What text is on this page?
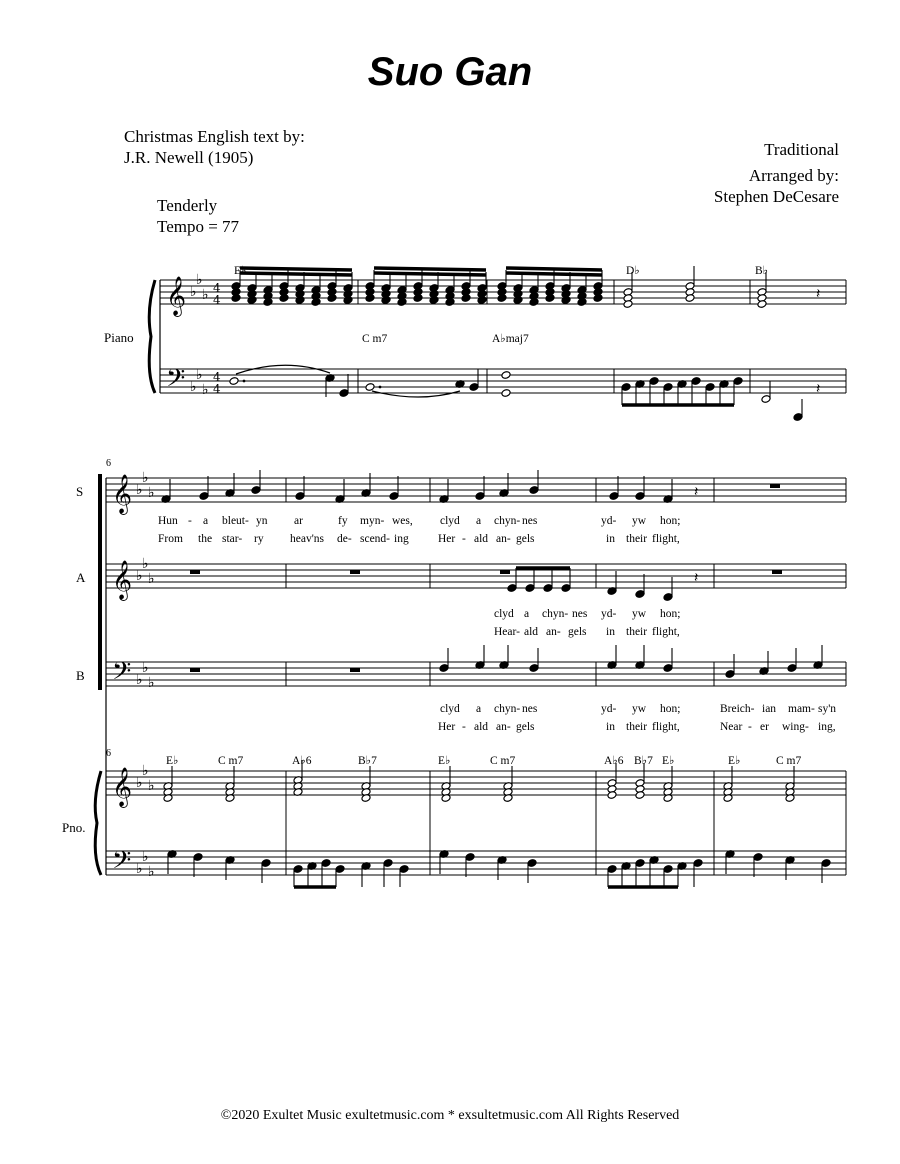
Suo Gan
Christmas English text by:
J.R. Newell (1905)	Traditional
Arranged by:
Stephen DeCesare
Tenderly
Tempo = 77
𝄞
𝄢
♭
♭
♭
♭
♭
♭
4
4
4
4
𝄽
𝄽
𝄞 ♭
♭
♭
𝄞 ♭
♭
♭
𝄢 ♭
♭
♭
𝄞 ♭
♭
♭
𝄢 ♭
♭
♭
𝄽
𝄽
Piano
E♭	D♭	B♭
C m7	A♭maj7
6
S
A
B
Pno.
6
Hun - a bleut- yn ar	fy myn- wes, clyd a chyn- nes	yd- yw hon;
From the star- ry heav'ns de- scend- ing	Her - ald an- gels	in their flight,
clyd a chyn- nes yd- yw hon;
Hear- ald an- gels in their flight,
clyd a chyn- nes	yd- yw hon;	Breich- ian mam- sy'n
Her - ald an- gels	in their flight,	Near - er wing- ing,
E♭	C m7	A♭6	B♭7	E♭	C m7	A♭6 B♭7 E♭	E♭	C m7
©2020 Exultet Music exultetmusic.com * exsultetmusic.com All Rights Reserved
